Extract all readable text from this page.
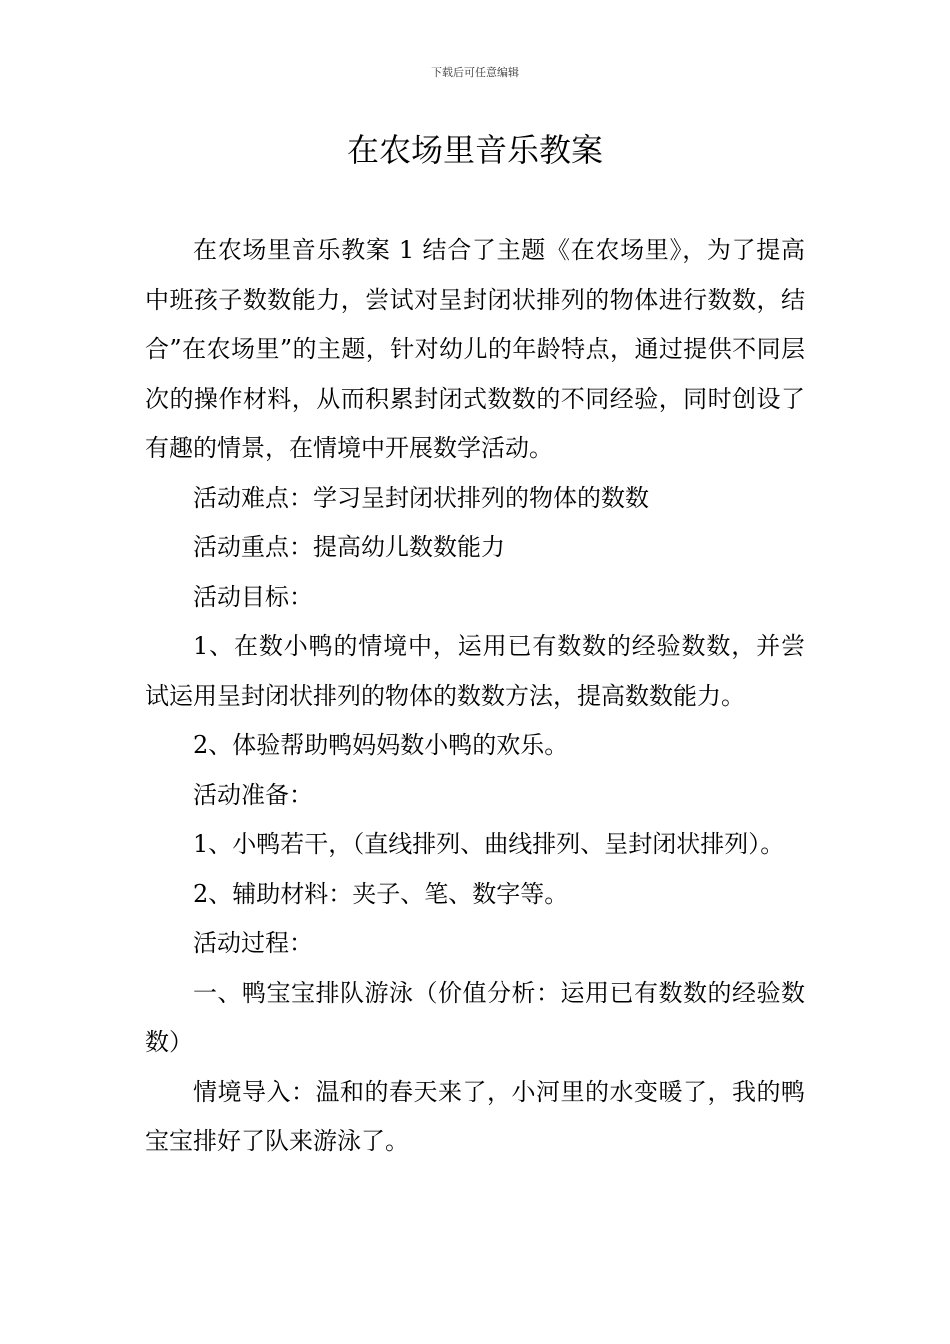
下载后可任意编辑
在农场里音乐教案

在农场里音乐教案 1 结合了主题《在农场里》，为了提高中班孩子数数能力，尝试对呈封闭状排列的物体进行数数，结合”在农场里”的主题，针对幼儿的年龄特点，通过提供不同层次的操作材料，从而积累封闭式数数的不同经验，同时创设了有趣的情景，在情境中开展数学活动。

活动难点：学习呈封闭状排列的物体的数数

活动重点：提高幼儿数数能力

活动目标：

1、在数小鸭的情境中，运用已有数数的经验数数，并尝试运用呈封闭状排列的物体的数数方法，提高数数能力。

2、体验帮助鸭妈妈数小鸭的欢乐。

活动准备：

1、小鸭若干，（直线排列、曲线排列、呈封闭状排列）。

2、辅助材料：夹子、笔、数字等。

活动过程：

一、鸭宝宝排队游泳（价值分析：运用已有数数的经验数数）

情境导入：温和的春天来了，小河里的水变暖了，我的鸭宝宝排好了队来游泳了。
